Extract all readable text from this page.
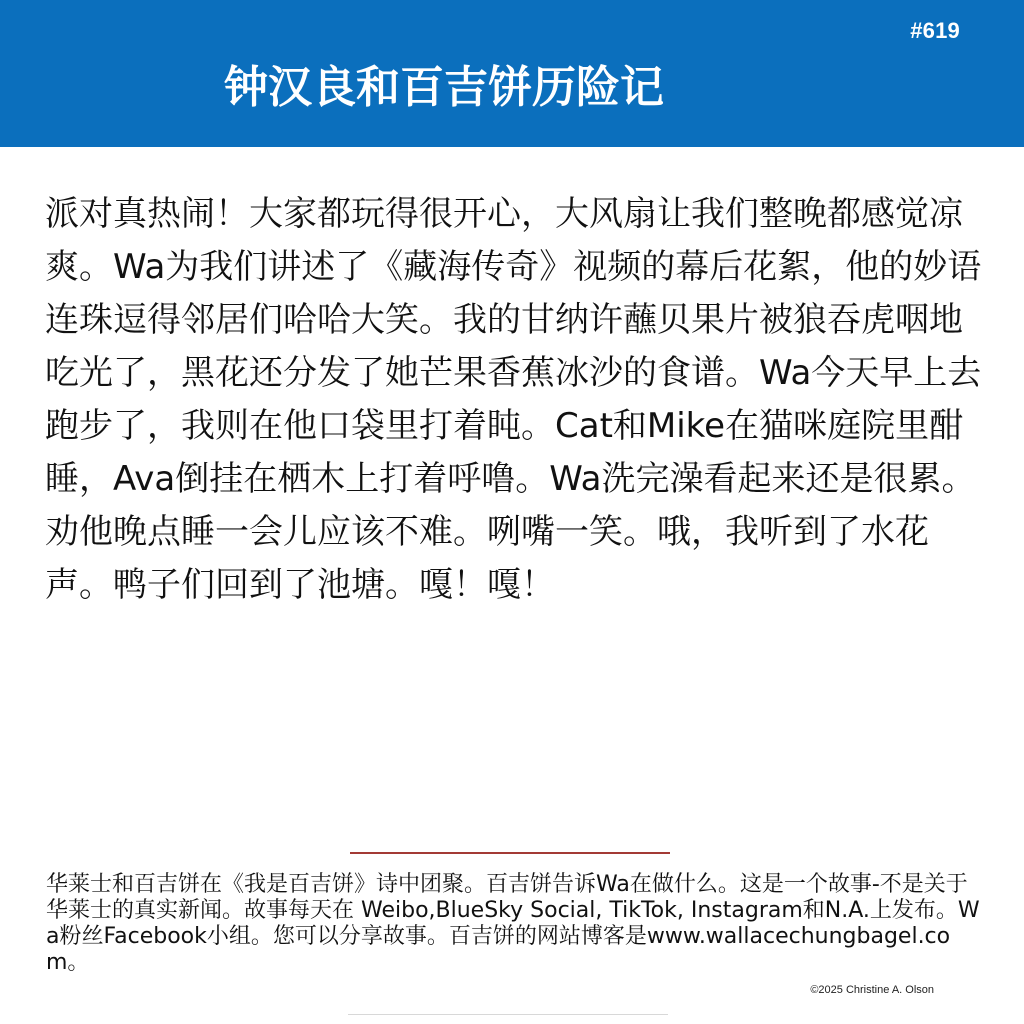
#619
钟汉良和百吉饼历险记
派对真热闹！大家都玩得很开心，大风扇让我们整晚都感觉凉爽。Wa为我们讲述了《藏海传奇》视频的幕后花絮，他的妙语连珠逗得邻居们哈哈大笑。我的甘纳许蘸贝果片被狼吞虎咽地吃光了，黑花还分发了她芒果香蕉冰沙的食谱。Wa今天早上去跑步了，我则在他口袋里打着盹。Cat和Mike在猫咪庭院里酣睡，Ava倒挂在栖木上打着呼噜。Wa洗完澡看起来还是很累。劝他晚点睡一会儿应该不难。咧嘴一笑。哦，我听到了水花声。鸭子们回到了池塘。嘎！嘎！
华莱士和百吉饼在《我是百吉饼》诗中团聚。百吉饼告诉Wa在做什么。这是一个故事-不是关于华莱士的真实新闻。故事每天在 Weibo,BlueSky Social, TikTok, Instagram和N.A.上发布。Wa粉丝Facebook小组。您可以分享故事。百吉饼的网站博客是www.wallacechungbagel.com。
©2025 Christine A. Olson
